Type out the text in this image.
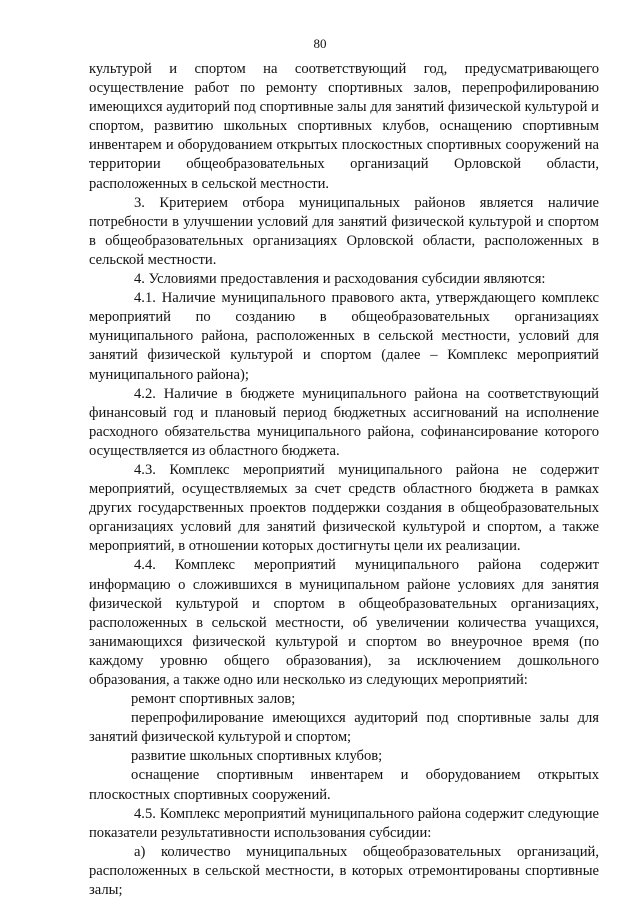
80

культурой и спортом на соответствующий год, предусматривающего осуществление работ по ремонту спортивных залов, перепрофилированию имеющихся аудиторий под спортивные залы для занятий физической культурой и спортом, развитию школьных спортивных клубов, оснащению спортивным инвентарем и оборудованием открытых плоскостных спортивных сооружений на территории общеобразовательных организаций Орловской области, расположенных в сельской местности.

3. Критерием отбора муниципальных районов является наличие потребности в улучшении условий для занятий физической культурой и спортом в общеобразовательных организациях Орловской области, расположенных в сельской местности.

4. Условиями предоставления и расходования субсидии являются:

4.1. Наличие муниципального правового акта, утверждающего комплекс мероприятий по созданию в общеобразовательных организациях муниципального района, расположенных в сельской местности, условий для занятий физической культурой и спортом (далее – Комплекс мероприятий муниципального района);

4.2. Наличие в бюджете муниципального района на соответствующий финансовый год и плановый период бюджетных ассигнований на исполнение расходного обязательства муниципального района, софинансирование которого осуществляется из областного бюджета.

4.3. Комплекс мероприятий муниципального района не содержит мероприятий, осуществляемых за счет средств областного бюджета в рамках других государственных проектов поддержки создания в общеобразовательных организациях условий для занятий физической культурой и спортом, а также мероприятий, в отношении которых достигнуты цели их реализации.

4.4. Комплекс мероприятий муниципального района содержит информацию о сложившихся в муниципальном районе условиях для занятия физической культурой и спортом в общеобразовательных организациях, расположенных в сельской местности, об увеличении количества учащихся, занимающихся физической культурой и спортом во внеурочное время (по каждому уровню общего образования), за исключением дошкольного образования, а также одно или несколько из следующих мероприятий:

ремонт спортивных залов;

перепрофилирование имеющихся аудиторий под спортивные залы для занятий физической культурой и спортом;

развитие школьных спортивных клубов;

оснащение спортивным инвентарем и оборудованием открытых плоскостных спортивных сооружений.

4.5. Комплекс мероприятий муниципального района содержит следующие показатели результативности использования субсидии:

а) количество муниципальных общеобразовательных организаций, расположенных в сельской местности, в которых отремонтированы спортивные залы;
